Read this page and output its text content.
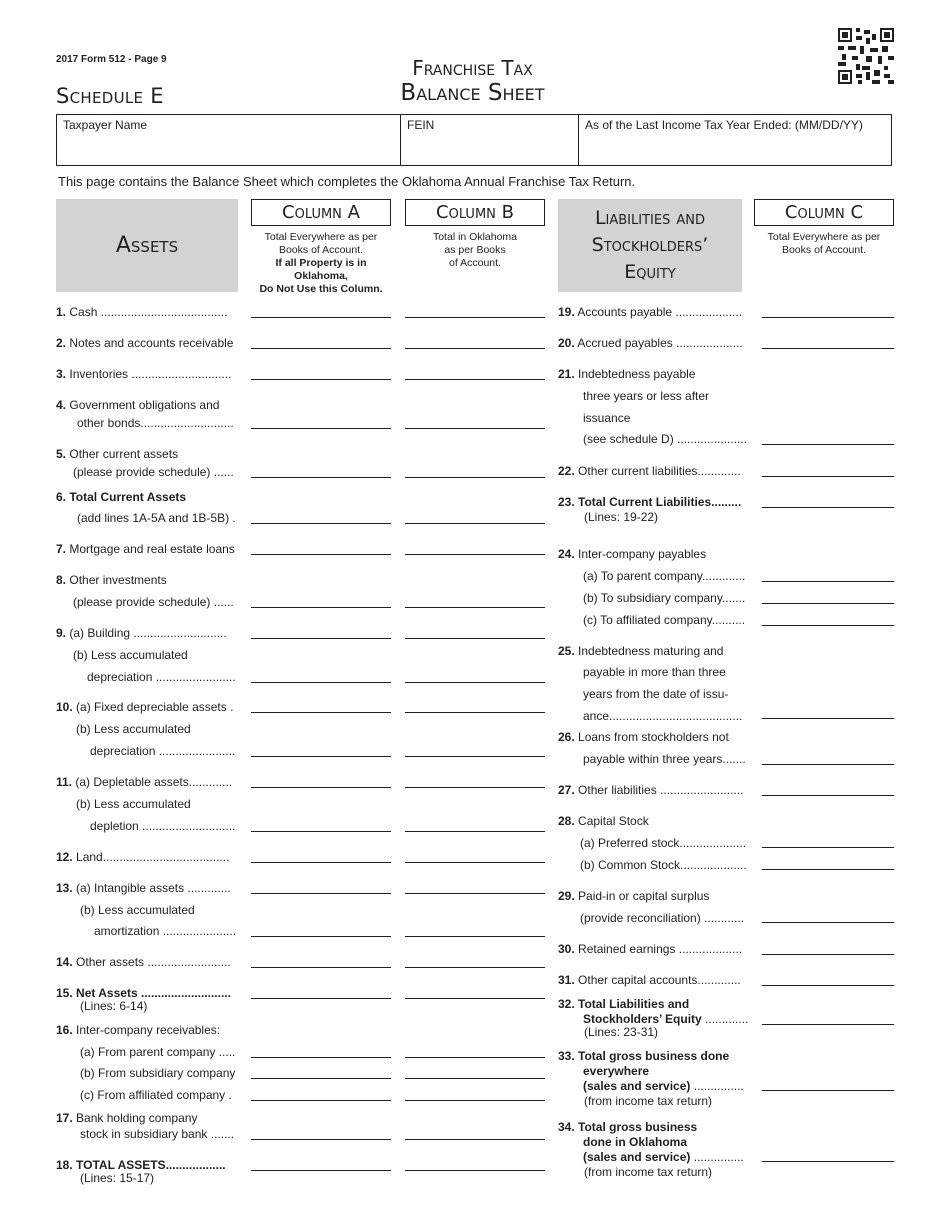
2017 Form 512 - Page 9
Schedule E
Franchise Tax
Balance Sheet
Taxpayer Name	FEIN	As of the Last Income Tax Year Ended: (MM/DD/YY)
This page contains the Balance Sheet which completes the Oklahoma Annual Franchise Tax Return.
Assets
Liabilities and
Stockholders’
Equity
Column A
Total Everywhere as per
Books of Account.
If all Property is in
Oklahoma,
Do Not Use this Column.
Column B
Total in Oklahoma
as per Books
of Account.
Column C
Total Everywhere as per
Books of Account.
1. Cash ......................................
2. Notes and accounts receivable
3. Inventories ..............................
4. Government obligations and
other bonds............................
5. Other current assets
(please provide schedule) ......
6. Total Current Assets
(add lines 1A-5A and 1B-5B) .
7. Mortgage and real estate loans
8. Other investments
(please provide schedule) ......
9. (a) Building ............................
(b) Less accumulated
depreciation ........................
10. (a) Fixed depreciable assets .
(b) Less accumulated
depreciation .......................
11. (a) Depletable assets.............
(b) Less accumulated
depletion ............................
12. Land......................................
13. (a) Intangible assets .............
(b) Less accumulated
amortization ......................
14. Other assets .........................
15. Net Assets ...........................
(Lines: 6-14)
16. Inter-company receivables:
(a) From parent company .....
(b) From subsidiary company
(c) From affiliated company .
17. Bank holding company
stock in subsidiary bank .......
18. TOTAL ASSETS..................
(Lines: 15-17)
19. Accounts payable ....................
20. Accrued payables ....................
21. Indebtedness payable
three years or less after
issuance
(see schedule D) .....................
22. Other current liabilities.............
23. Total Current Liabilities.........
(Lines: 19-22)
24. Inter-company payables
(a) To parent company.............
(b) To subsidiary company.......
(c) To affiliated company..........
25. Indebtedness maturing and
payable in more than three
years from the date of issu-
ance........................................
26. Loans from stockholders not
payable within three years.......
27. Other liabilities .........................
28. Capital Stock
(a) Preferred stock....................
(b) Common Stock....................
29. Paid-in or capital surplus
(provide reconciliation) ............
30. Retained earnings ...................
31. Other capital accounts.............
32. Total Liabilities and
Stockholders’ Equity .............
(Lines: 23-31)
33. Total gross business done
everywhere
(sales and service) ...............
(from income tax return)
34. Total gross business
done in Oklahoma
(sales and service) ...............
(from income tax return)
